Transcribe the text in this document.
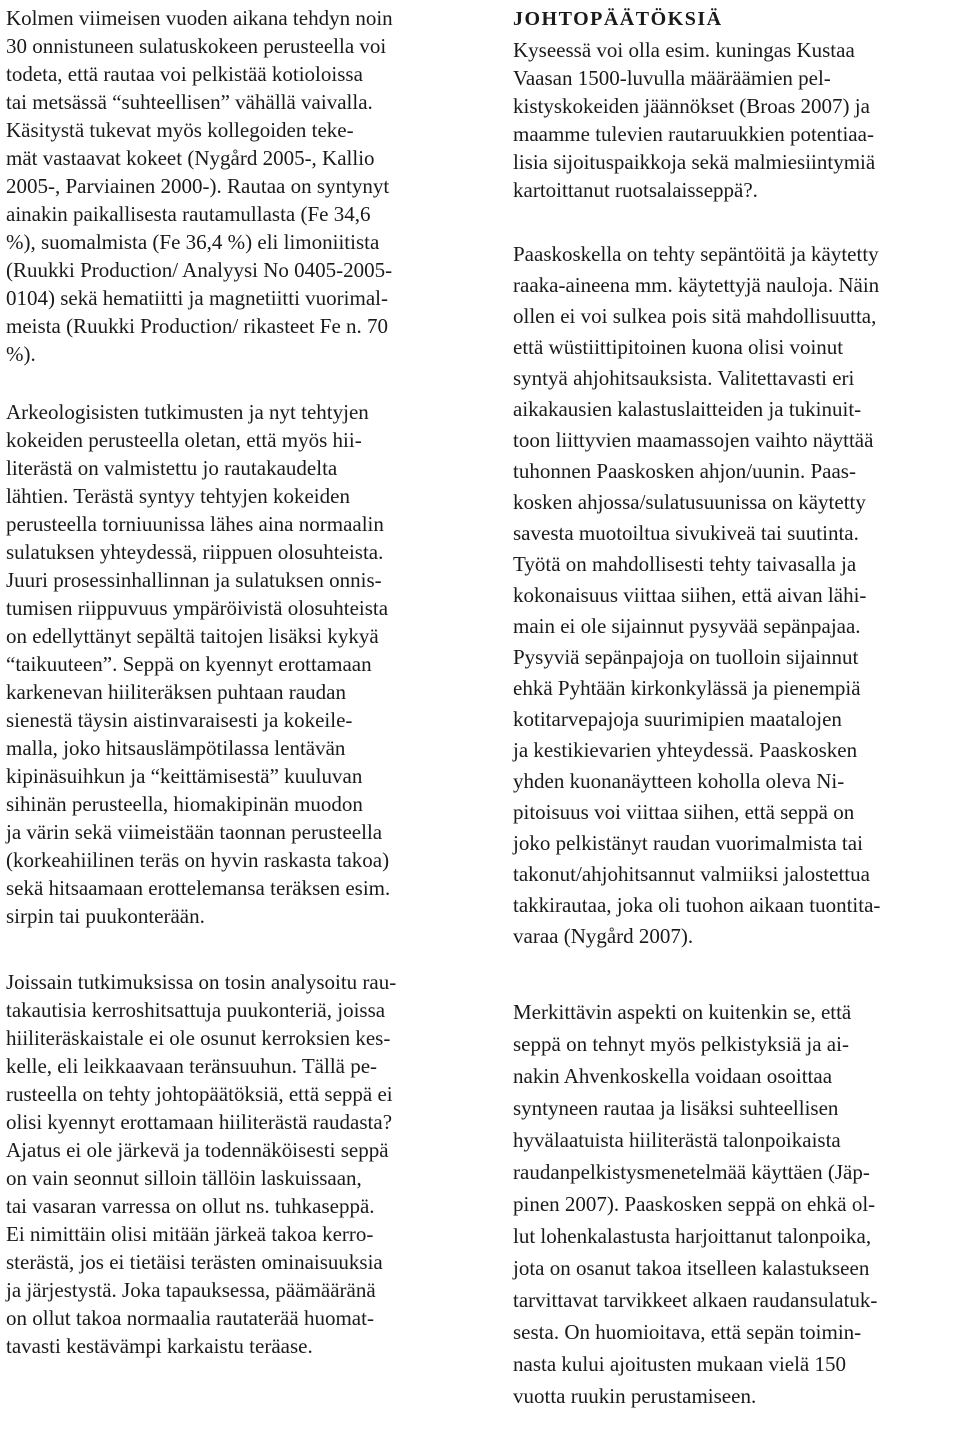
Kolmen viimeisen vuoden aikana tehdyn noin
30 onnistuneen sulatuskokeen perusteella voi
todeta, että rautaa voi pelkistää kotioloissa
tai metsässä “suhteellisen” vähällä vaivalla.
Käsitystä tukevat myös kollegoiden teke-
mät vastaavat kokeet (Nygård 2005-, Kallio
2005-, Parviainen 2000-). Rautaa on syntynyt
ainakin paikallisesta rautamullasta (Fe 34,6
%), suomalmista (Fe 36,4 %) eli limoniitista
(Ruukki Production/ Analyysi No 0405-2005-
0104) sekä hematiitti ja magnetiitti vuorimal-
meista (Ruukki Production/ rikasteet Fe n. 70
%).
Arkeologisisten tutkimusten ja nyt tehtyjen
kokeiden perusteella oletan, että myös hii-
literästä on valmistettu jo rautakaudelta
lähtien. Terästä syntyy tehtyjen kokeiden
perusteella torniuunissa lähes aina normaalin
sulatuksen yhteydessä, riippuen olosuhteista.
Juuri prosessinhallinnan ja sulatuksen onnis-
tumisen riippuvuus ympäröivistä olosuhteista
on edellyttänyt sepältä taitojen lisäksi kykyä
“taikuuteen”. Seppä on kyennyt erottamaan
karkenevan hiiliteräksen puhtaan raudan
sienestä täysin aistinvaraisesti ja kokeile-
malla, joko hitsauslämpötilassa lentävän
kipinäsuihkun ja “keittämisestä” kuuluvan
sihinän perusteella, hiomakipinän muodon
ja värin sekä viimeistään taonnan perusteella
(korkeahiilinen teräs on hyvin raskasta takoa)
sekä hitsaamaan erottelemansa teräksen esim.
sirpin tai puukonterään.
Joissain tutkimuksissa on tosin analysoitu rau-
takautisia kerroshitsattuja puukonteriä, joissa
hiiliteräskaistale ei ole osunut kerroksien kes-
kelle, eli leikkaavaan teränsuuhun. Tällä pe-
rusteella on tehty johtopäätöksiä, että seppä ei
olisi kyennyt erottamaan hiiliterästä raudasta?
Ajatus ei ole järkevä ja todennäköisesti seppä
on vain seonnut silloin tällöin laskuissaan,
tai vasaran varressa on ollut ns. tuhkaseppä.
Ei nimittäin olisi mitään järkeä takoa kerro-
sterästä, jos ei tietäisi terästen ominaisuuksia
ja järjestystä. Joka tapauksessa, päämääränä
on ollut takoa normaalia rautaterää huomat-
tavasti kestävämpi karkaistu teräase.
JOHTOPÄÄTÖKSIÄ
Kyseessä voi olla esim. kuningas Kustaa
Vaasan 1500-luvulla määräämien pel-
kistyskokeiden jäännökset (Broas 2007) ja
maamme tulevien rautaruukkien potentiaa-
lisia sijoituspaikkoja sekä malmiesiintymiä
kartoittanut ruotsalaisseppä?.
Paaskoskella on tehty sepäntöitä ja käytetty
raaka-aineena mm. käytettyjä nauloja. Näin
ollen ei voi sulkea pois sitä mahdollisuutta,
että wüstiittipitoinen kuona olisi voinut
syntyä ahjohitsauksista. Valitettavasti eri
aikakausien kalastuslaitteiden ja tukinuit-
toon liittyvien maamassojen vaihto näyttää
tuhonnen Paaskosken ahjon/uunin. Paas-
kosken ahjossa/sulatusuunissa on käytetty
savesta muotoiltua sivukiveä tai suutinta.
Työtä on mahdollisesti tehty taivasalla ja
kokonaisuus viittaa siihen, että aivan lähi-
main ei ole sijainnut pysyvää sepänpajaa.
Pysyviä sepänpajoja on tuolloin sijainnut
ehkä Pyhtään kirkonkylässä ja pienempiä
kotitarvepajoja suurimipien maatalojen
ja kestikievarien yhteydessä. Paaskosken
yhden kuonanäytteen koholla oleva Ni-
pitoisuus voi viittaa siihen, että seppä on
joko pelkistänyt raudan vuorimalmista tai
takonut/ahjohitsannut valmiiksi jalostettua
takkirautaa, joka oli tuohon aikaan tuontita-
varaa (Nygård 2007).
Merkittävin aspekti on kuitenkin se, että
seppä on tehnyt myös pelkistyksiä ja ai-
nakin Ahvenkoskella voidaan osoittaa
syntyneen rautaa ja lisäksi suhteellisen
hyvälaatuista hiiliterästä talonpoikaista
raudanpelkistysmenetelmää käyttäen (Jäp-
pinen 2007). Paaskosken seppä on ehkä ol-
lut lohenkalastusta harjoittanut talonpoika,
jota on osanut takoa itselleen kalastukseen
tarvittavat tarvikkeet alkaen raudansulatuk-
sesta. On huomioitava, että sepän toimin-
nasta kului ajoitusten mukaan vielä 150
vuotta ruukin perustamiseen.
